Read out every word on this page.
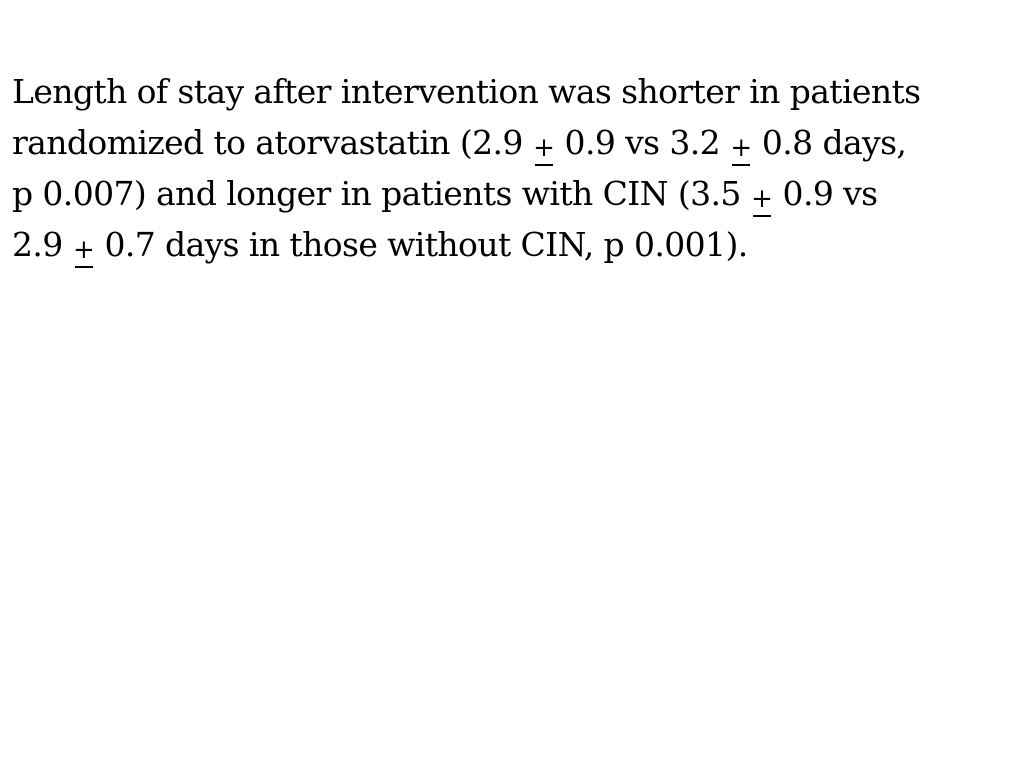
Length of stay after intervention was shorter in patients
randomized to atorvastatin (2.9 +
0.9 vs 3.2 +
0.8 days,
p 0.007) and longer in patients with CIN (3.5 +
0.9 vs
2.9 +
0.7 days in those without CIN, p 0.001).
